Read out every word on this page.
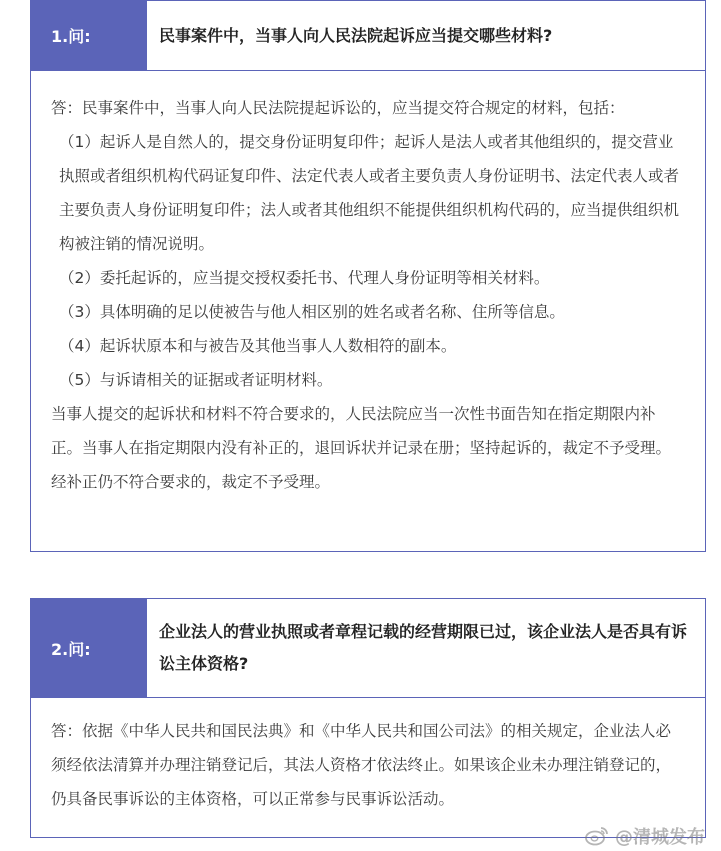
1.问:	民事案件中，当事人向人民法院起诉应当提交哪些材料?

答：民事案件中，当事人向人民法院提起诉讼的，应当提交符合规定的材料，包括：

（1）起诉人是自然人的，提交身份证明复印件；起诉人是法人或者其他组织的，提交营业执照或者组织机构代码证复印件、法定代表人或者主要负责人身份证明书、法定代表人或者主要负责人身份证明复印件；法人或者其他组织不能提供组织机构代码的，应当提供组织机构被注销的情况说明。

（2）委托起诉的，应当提交授权委托书、代理人身份证明等相关材料。

（3）具体明确的足以使被告与他人相区别的姓名或者名称、住所等信息。

（4）起诉状原本和与被告及其他当事人人数相符的副本。

（5）与诉请相关的证据或者证明材料。

当事人提交的起诉状和材料不符合要求的，人民法院应当一次性书面告知在指定期限内补正。当事人在指定期限内没有补正的，退回诉状并记录在册；坚持起诉的，裁定不予受理。经补正仍不符合要求的，裁定不予受理。

2.问:
企业法人的营业执照或者章程记载的经营期限已过，该企业法人是否具有诉讼主体资格?

答：依据《中华人民共和国民法典》和《中华人民共和国公司法》的相关规定，企业法人必须经依法清算并办理注销登记后，其法人资格才依法终止。如果该企业未办理注销登记的，仍具备民事诉讼的主体资格，可以正常参与民事诉讼活动。

@清城发布
